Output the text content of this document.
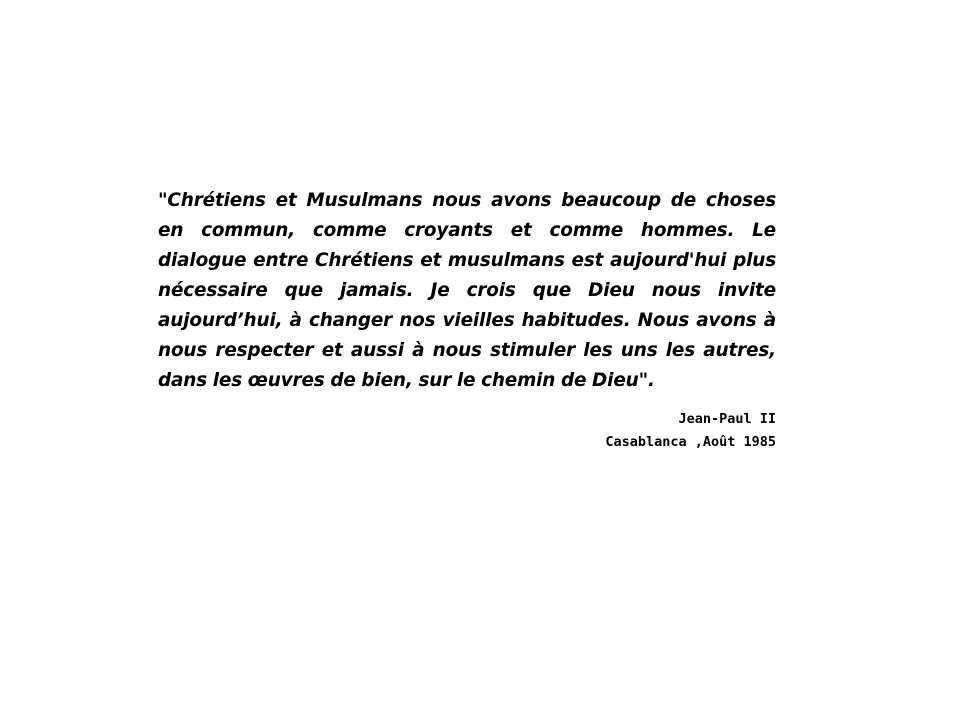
"Chrétiens et Musulmans nous avons beaucoup de choses en commun, comme croyants et comme hommes. Le dialogue entre Chrétiens et musulmans est aujourd'hui plus nécessaire que jamais. Je crois que Dieu nous invite aujourd’hui, à changer nos vieilles habitudes. Nous avons à nous respecter et aussi à nous stimuler les uns les autres, dans les œuvres de bien, sur le chemin de Dieu".

Jean-Paul II
Casablanca ,Août 1985
